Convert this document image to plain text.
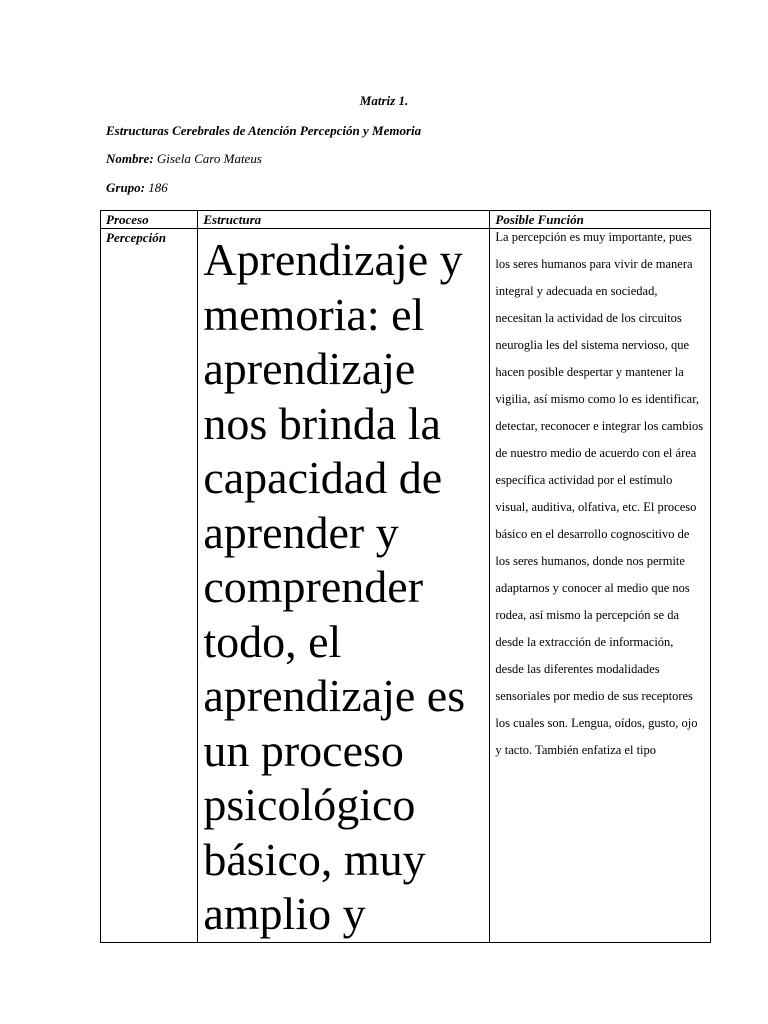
Matriz 1.
Estructuras Cerebrales de Atención Percepción y Memoria
Nombre: Gisela Caro Mateus
Grupo: 186
Proceso	Estructura	Posible Función
Percepción	Aprendizaje y memoria: el aprendizaje nos brinda la capacidad de aprender y comprender todo, el aprendizaje es un proceso psicológico básico, muy amplio y	La percepción es muy importante, pues los seres humanos para vivir de manera integral y adecuada en sociedad, necesitan la actividad de los circuitos neuroglia les del sistema nervioso, que hacen posible despertar y mantener la vigilia, así mismo como lo es identificar, detectar, reconocer e integrar los cambios de nuestro medio de acuerdo con el área específica actividad por el estímulo visual, auditiva, olfativa, etc. El proceso básico en el desarrollo cognoscitivo de los seres humanos, donde nos permite adaptarnos y conocer al medio que nos rodea, así mismo la percepción se da desde la extracción de información, desde las diferentes modalidades sensoriales por medio de sus receptores los cuales son. Lengua, oídos, gusto, ojo y tacto. También enfatiza el tipo
